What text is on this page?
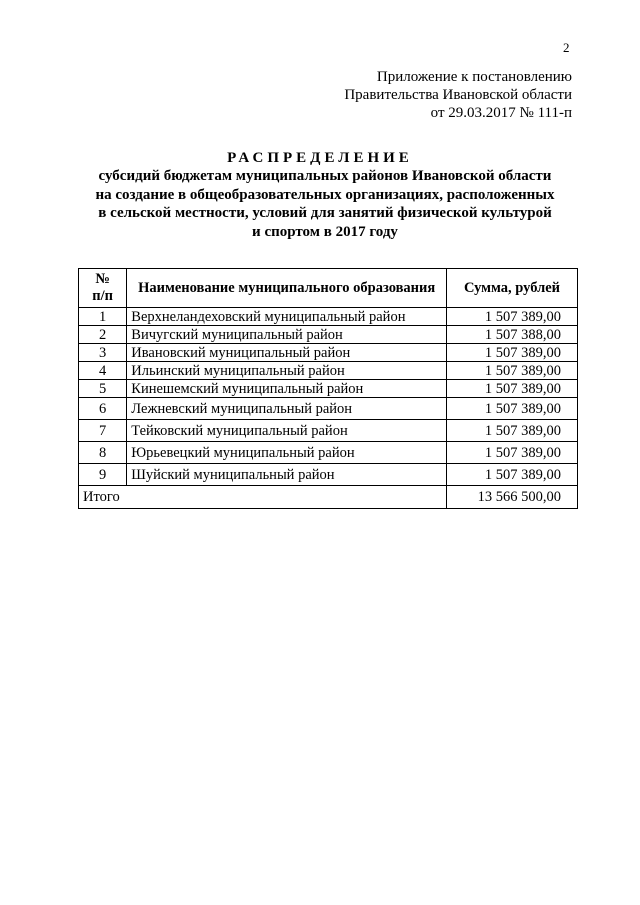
2
Приложение к постановлению
Правительства Ивановской области
от 29.03.2017 № 111-п
РАСПРЕДЕЛЕНИЕ
субсидий бюджетам муниципальных районов Ивановской области на создание в общеобразовательных организациях, расположенных в сельской местности, условий для занятий физической культурой и спортом в 2017 году
№
п/п	Наименование муниципального образования	Сумма, рублей
1	Верхнеландеховский муниципальный район	1 507 389,00
2	Вичугский муниципальный район	1 507 388,00
3	Ивановский муниципальный район	1 507 389,00
4	Ильинский муниципальный район	1 507 389,00
5	Кинешемский муниципальный район	1 507 389,00
6	Лежневский муниципальный район	1 507 389,00
7	Тейковский муниципальный район	1 507 389,00
8	Юрьевецкий муниципальный район	1 507 389,00
9	Шуйский муниципальный район	1 507 389,00
Итого		13 566 500,00
